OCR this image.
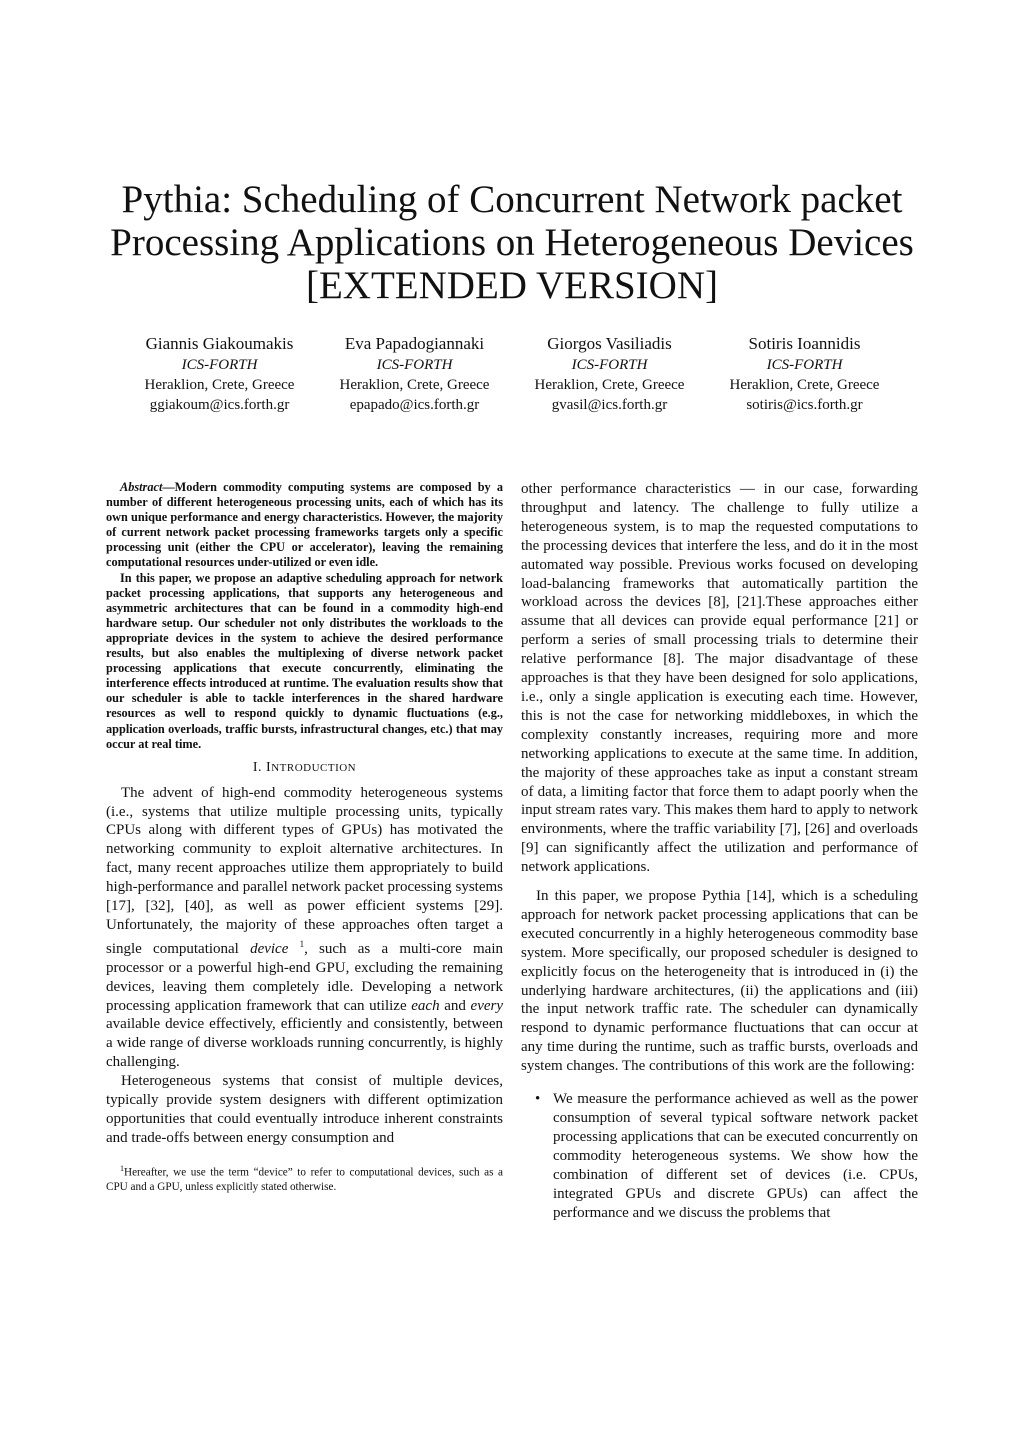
Pythia: Scheduling of Concurrent Network packet
Processing Applications on Heterogeneous Devices
[EXTENDED VERSION]
Giannis Giakoumakis
ICS-FORTH
Heraklion, Crete, Greece
ggiakoum@ics.forth.gr
Eva Papadogiannaki
ICS-FORTH
Heraklion, Crete, Greece
epapado@ics.forth.gr
Giorgos Vasiliadis
ICS-FORTH
Heraklion, Crete, Greece
gvasil@ics.forth.gr
Sotiris Ioannidis
ICS-FORTH
Heraklion, Crete, Greece
sotiris@ics.forth.gr

Abstract—Modern commodity computing systems are composed by a number of different heterogeneous processing units, each of which has its own unique performance and energy characteristics. However, the majority of current network packet processing frameworks targets only a specific processing unit (either the CPU or accelerator), leaving the remaining computational resources under-utilized or even idle.

In this paper, we propose an adaptive scheduling approach for network packet processing applications, that supports any heterogeneous and asymmetric architectures that can be found in a commodity high-end hardware setup. Our scheduler not only distributes the workloads to the appropriate devices in the system to achieve the desired performance results, but also enables the multiplexing of diverse network packet processing applications that execute concurrently, eliminating the interference effects introduced at runtime. The evaluation results show that our scheduler is able to tackle interferences in the shared hardware resources as well to respond quickly to dynamic fluctuations (e.g., application overloads, traffic bursts, infrastructural changes, etc.) that may occur at real time.

I. INTRODUCTION

The advent of high-end commodity heterogeneous systems (i.e., systems that utilize multiple processing units, typically CPUs along with different types of GPUs) has motivated the networking community to exploit alternative architectures. In fact, many recent approaches utilize them appropriately to build high-performance and parallel network packet processing systems [17], [32], [40], as well as power efficient systems [29]. Unfortunately, the majority of these approaches often target a single computational device $^1$, such as a multi-core main processor or a powerful high-end GPU, excluding the remaining devices, leaving them completely idle. Developing a network processing application framework that can utilize each and every available device effectively, efficiently and consistently, between a wide range of diverse workloads running concurrently, is highly challenging.

Heterogeneous systems that consist of multiple devices, typically provide system designers with different optimization opportunities that could eventually introduce inherent constraints and trade-offs between energy consumption and

$^1$Hereafter, we use the term “device” to refer to computational devices, such as a CPU and a GPU, unless explicitly stated otherwise.

other performance characteristics — in our case, forwarding throughput and latency. The challenge to fully utilize a heterogeneous system, is to map the requested computations to the processing devices that interfere the less, and do it in the most automated way possible. Previous works focused on developing load-balancing frameworks that automatically partition the workload across the devices [8], [21].These approaches either assume that all devices can provide equal performance [21] or perform a series of small processing trials to determine their relative performance [8]. The major disadvantage of these approaches is that they have been designed for solo applications, i.e., only a single application is executing each time. However, this is not the case for networking middleboxes, in which the complexity constantly increases, requiring more and more networking applications to execute at the same time. In addition, the majority of these approaches take as input a constant stream of data, a limiting factor that force them to adapt poorly when the input stream rates vary. This makes them hard to apply to network environments, where the traffic variability [7], [26] and overloads [9] can significantly affect the utilization and performance of network applications.

In this paper, we propose Pythia [14], which is a scheduling approach for network packet processing applications that can be executed concurrently in a highly heterogeneous commodity base system. More specifically, our proposed scheduler is designed to explicitly focus on the heterogeneity that is introduced in (i) the underlying hardware architectures, (ii) the applications and (iii) the input network traffic rate. The scheduler can dynamically respond to dynamic performance fluctuations that can occur at any time during the runtime, such as traffic bursts, overloads and system changes. The contributions of this work are the following:

• We measure the performance achieved as well as the power consumption of several typical software network packet processing applications that can be executed concurrently on commodity heterogeneous systems. We show how the combination of different set of devices (i.e. CPUs, integrated GPUs and discrete GPUs) can affect the performance and we discuss the problems that
